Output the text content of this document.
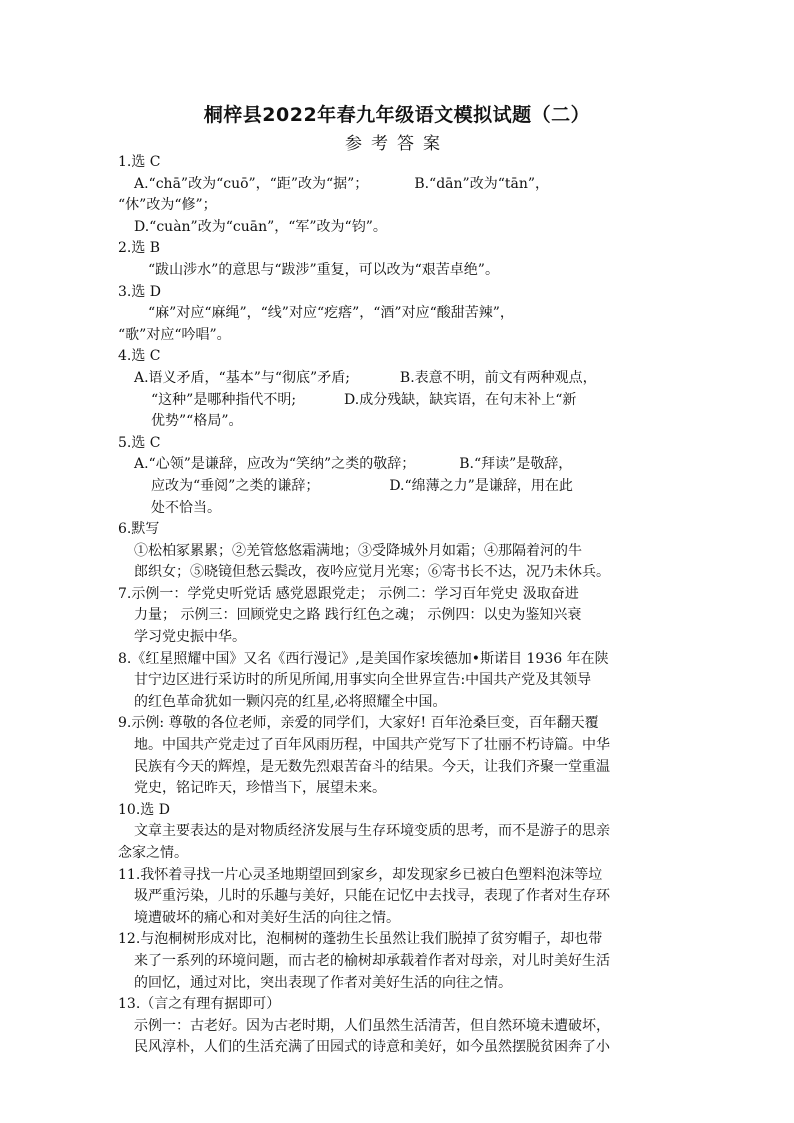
桐梓县2022年春九年级语文模拟试题（二）
参考答案
1.选 C
A.“chā”改为“cuō”，“距”改为“据”；	B.“dān”改为“tān”，
“休”改为“修”；
D.“cuàn”改为“cuān”，“军”改为“钧”。
2.选 B
“跋山涉水”的意思与“跋涉”重复，可以改为“艰苦卓绝”。
3.选 D
“麻”对应“麻绳”，“线”对应“疙瘩”，“酒”对应“酸甜苦辣”，
“歌”对应“吟唱”。
4.选 C
A.语义矛盾，“基本”与“彻底”矛盾;	B.表意不明，前文有两种观点，
“这种”是哪种指代不明;	D.成分残缺，缺宾语，在句末补上“新
优势”“格局”。
5.选 C
A.“心领”是谦辞，应改为“笑纳”之类的敬辞；	B.“拜读”是敬辞，
应改为“垂阅”之类的谦辞；	D.“绵薄之力”是谦辞，用在此
处不恰当。
6.默写
①松柏冢累累；②羌管悠悠霜满地；③受降城外月如霜；④那隔着河的牛
郎织女；⑤晓镜但愁云鬓改，夜吟应觉月光寒；⑥寄书长不达，况乃未休兵。
7.示例一：学党史听党话 感党恩跟党走； 示例二：学习百年党史 汲取奋进
力量； 示例三：回顾党史之路 践行红色之魂； 示例四：以史为鉴知兴衰
学习党史振中华。
8.《红星照耀中国》又名《西行漫记》,是美国作家埃德加•斯诺目 1936 年在陕
甘宁边区进行采访时的所见所闻,用事实向全世界宣告:中国共产党及其领导
的红色革命犹如一颗闪亮的红星,必将照耀全中国。
9.示例: 尊敬的各位老师，亲爱的同学们，大家好! 百年沧桑巨变，百年翻天覆
地。中国共产党走过了百年风雨历程，中国共产党写下了壮丽不朽诗篇。中华
民族有今天的辉煌，是无数先烈艰苦奋斗的结果。今天，让我们齐聚一堂重温
党史，铭记昨天，珍惜当下，展望未来。
10.选 D
文章主要表达的是对物质经济发展与生存环境变质的思考，而不是游子的思亲
念家之情。
11.我怀着寻找一片心灵圣地期望回到家乡，却发现家乡已被白色塑料泡沫等垃
圾严重污染，儿时的乐趣与美好，只能在记忆中去找寻，表现了作者对生存环
境遭破坏的痛心和对美好生活的向往之情。
12.与泡桐树形成对比，泡桐树的蓬勃生长虽然让我们脱掉了贫穷帽子，却也带
来了一系列的环境问题，而古老的榆树却承载着作者对母亲，对儿时美好生活
的回忆，通过对比，突出表现了作者对美好生活的向往之情。
13.（言之有理有据即可）
示例一：古老好。因为古老时期，人们虽然生活清苦，但自然环境未遭破坏，
民风淳朴，人们的生活充满了田园式的诗意和美好，如今虽然摆脱贫困奔了小
